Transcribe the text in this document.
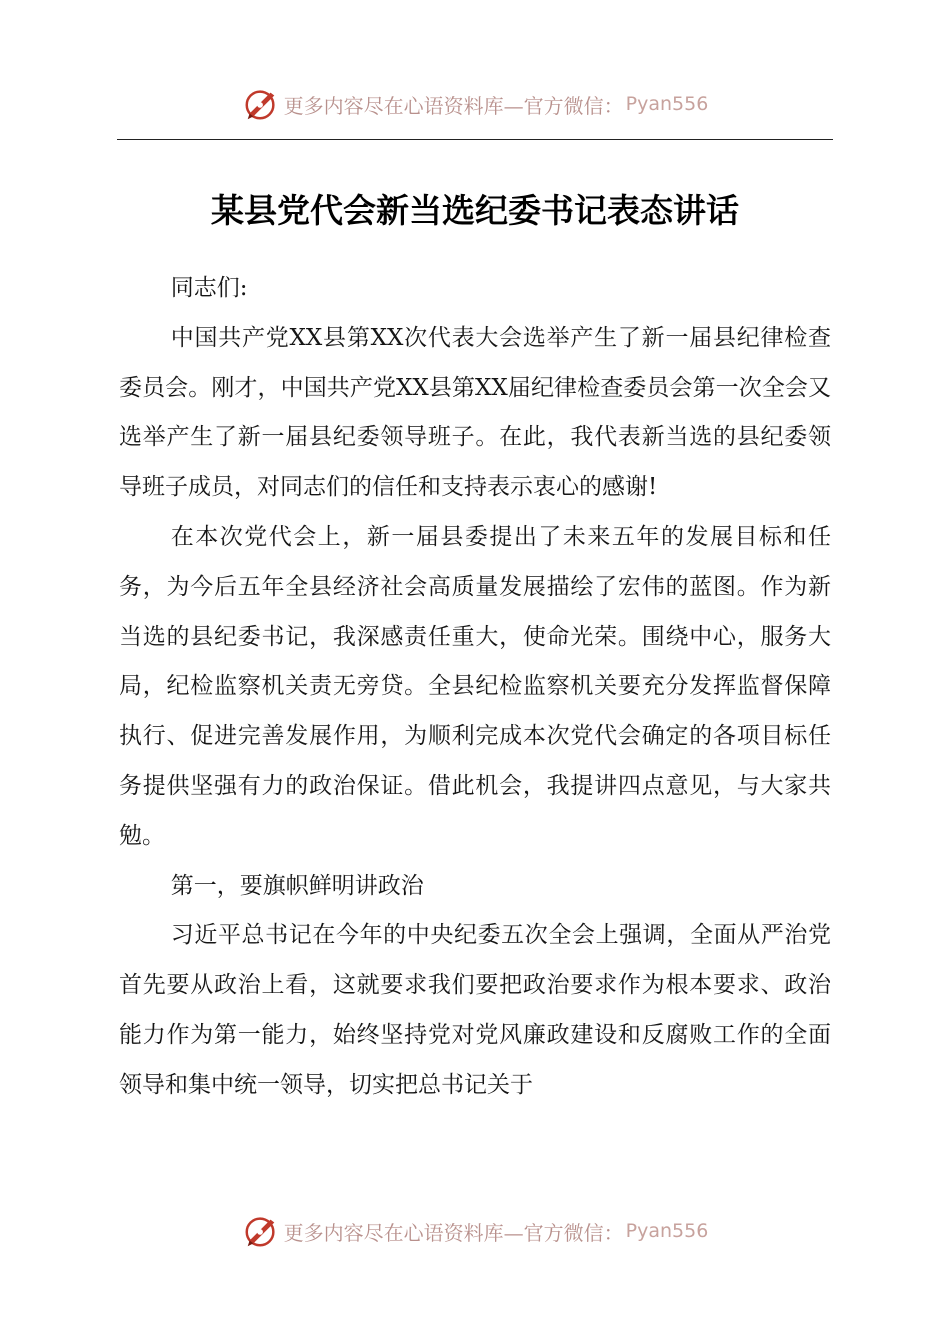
更多内容尽在心语资料库—官方微信： Pyan556
某县党代会新当选纪委书记表态讲话

同志们:

中国共产党XX县第XX次代表大会选举产生了新一届县纪律检查委员会。刚才，中国共产党XX县第XX届纪律检查委员会第一次全会又选举产生了新一届县纪委领导班子。在此，我代表新当选的县纪委领导班子成员，对同志们的信任和支持表示衷心的感谢!

在本次党代会上，新一届县委提出了未来五年的发展目标和任务，为今后五年全县经济社会高质量发展描绘了宏伟的蓝图。作为新当选的县纪委书记，我深感责任重大，使命光荣。围绕中心，服务大局，纪检监察机关责无旁贷。全县纪检监察机关要充分发挥监督保障执行、促进完善发展作用，为顺利完成本次党代会确定的各项目标任务提供坚强有力的政治保证。借此机会，我提讲四点意见，与大家共勉。

第一，要旗帜鲜明讲政治

习近平总书记在今年的中央纪委五次全会上强调，全面从严治党首先要从政治上看，这就要求我们要把政治要求作为根本要求、政治能力作为第一能力，始终坚持党对党风廉政建设和反腐败工作的全面领导和集中统一领导，切实把总书记关于

更多内容尽在心语资料库—官方微信： Pyan556
